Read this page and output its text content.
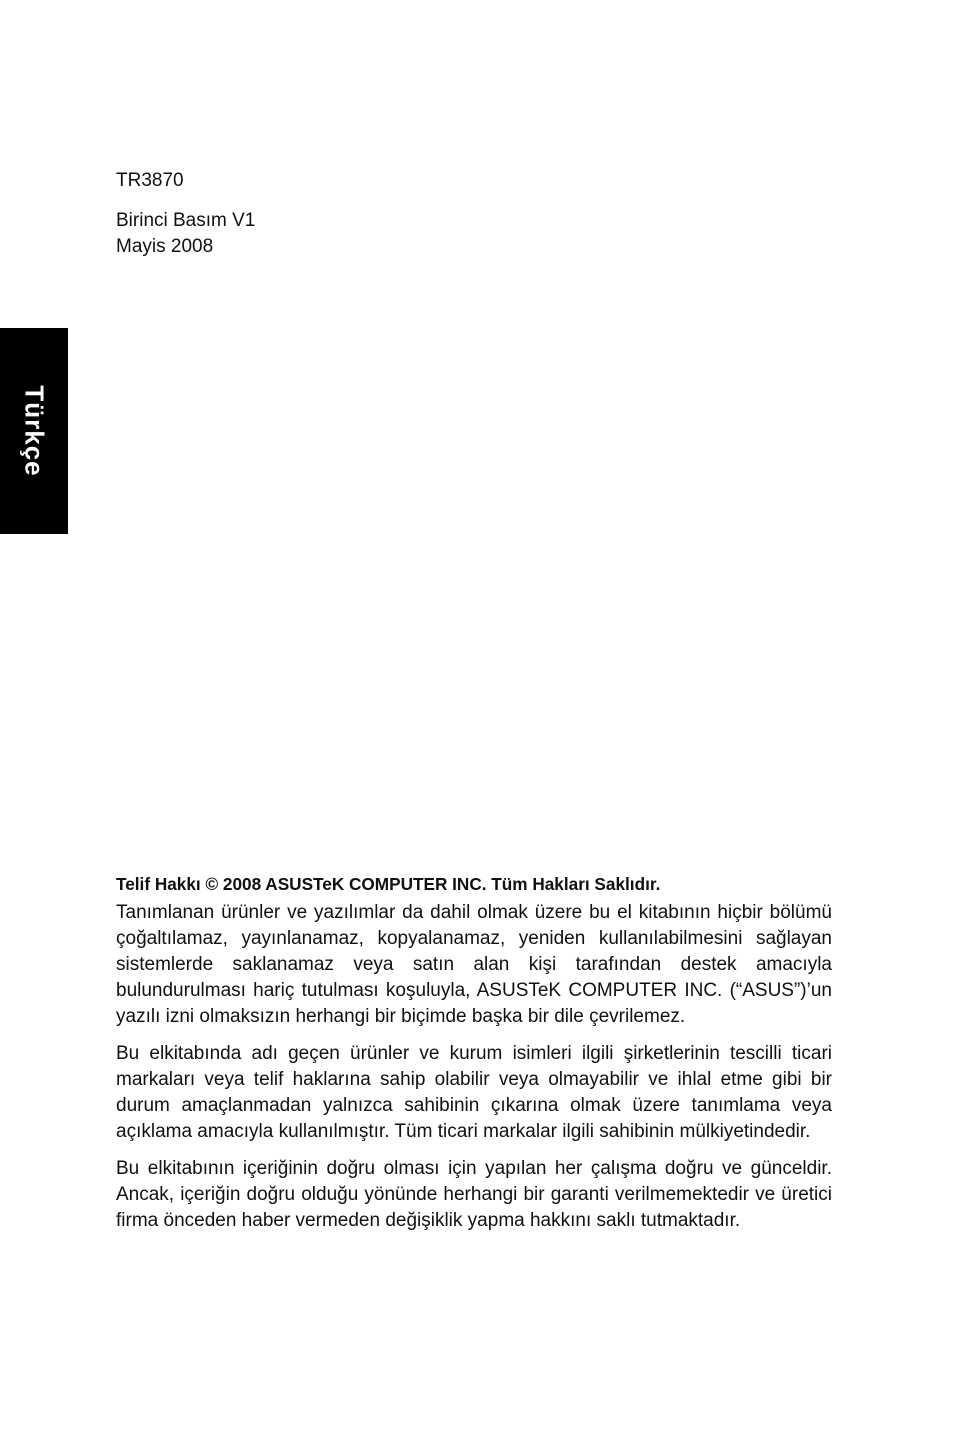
Türkçe
TR3870
Birinci Basım V1
Mayis 2008
Telif Hakkı © 2008 ASUSTeK COMPUTER INC. Tüm Hakları Saklıdır.

Tanımlanan ürünler ve yazılımlar da dahil olmak üzere bu el kitabının hiçbir bölümü çoğaltılamaz, yayınlanamaz, kopyalanamaz, yeniden kullanılabilmesini sağlayan sistemlerde saklanamaz veya satın alan kişi tarafından destek amacıyla bulundurulması hariç tutulması koşuluyla, ASUSTeK COMPUTER INC. (“ASUS”)’un yazılı izni olmaksızın herhangi bir biçimde başka bir dile çevrilemez.

Bu elkitabında adı geçen ürünler ve kurum isimleri ilgili şirketlerinin tescilli ticari markaları veya telif haklarına sahip olabilir veya olmayabilir ve ihlal etme gibi bir durum amaçlanmadan yalnızca sahibinin çıkarına olmak üzere tanımlama veya açıklama amacıyla kullanılmıştır. Tüm ticari markalar ilgili sahibinin mülkiyetindedir.

Bu elkitabının içeriğinin doğru olması için yapılan her çalışma doğru ve günceldir. Ancak, içeriğin doğru olduğu yönünde herhangi bir garanti verilmemektedir ve üretici firma önceden haber vermeden değişiklik yapma hakkını saklı tutmaktadır.
